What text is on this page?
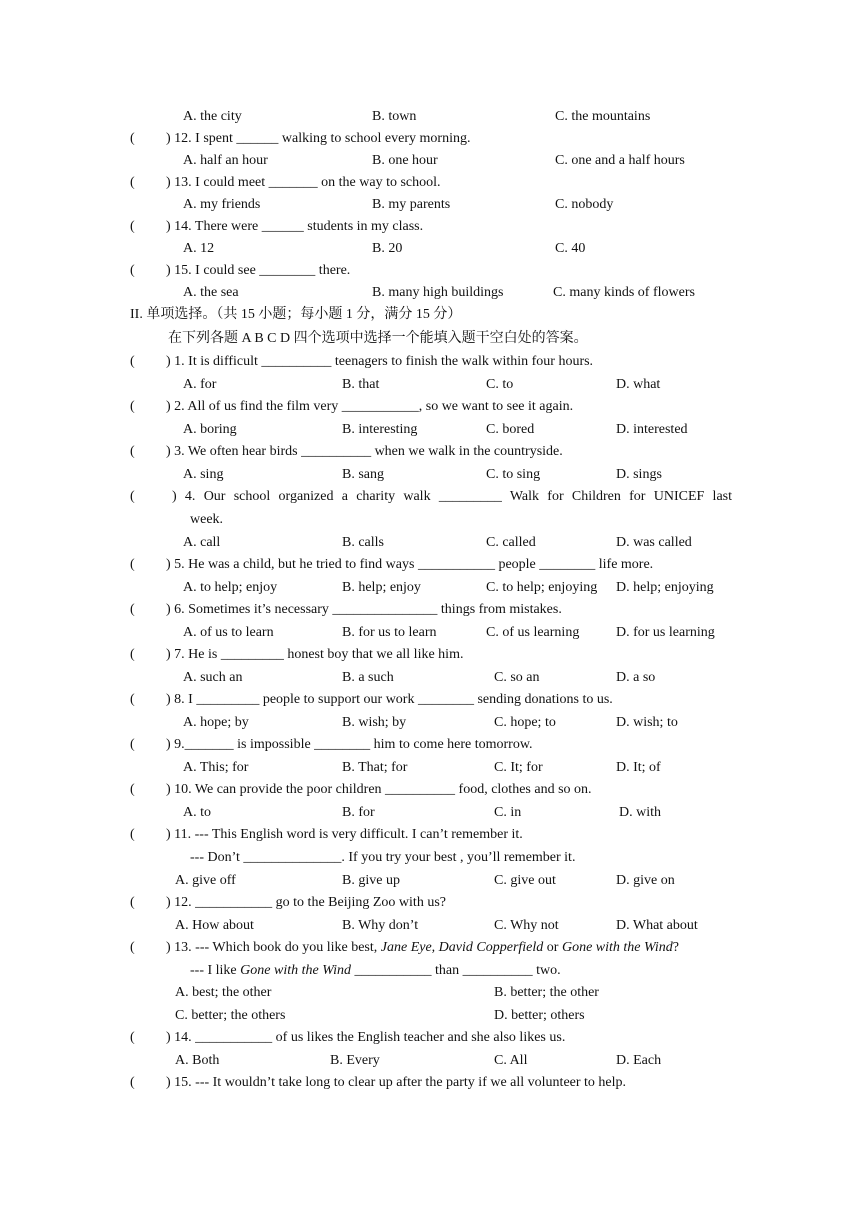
A. the city	B. town	C. the mountains
( ) 12. I spent ______ walking to school every morning.
A. half an hour	B. one hour	C. one and a half hours
( ) 13. I could meet _______ on the way to school.
A. my friends	B. my parents	C. nobody
( ) 14. There were ______ students in my class.
A. 12	B. 20	C. 40
( ) 15. I could see ________ there.
A. the sea	B. many high buildings	C. many kinds of flowers
II. 单项选择。（共 15 小题；每小题 1 分，满分 15 分）
在下列各题 A B C D 四个选项中选择一个能填入题干空白处的答案。
( ) 1. It is difficult __________ teenagers to finish the walk within four hours.
A. for	B. that	C. to	D. what
( ) 2. All of us find the film very ___________, so we want to see it again.
A. boring	B. interesting	C. bored	D. interested
( ) 3. We often hear birds __________ when we walk in the countryside.
A. sing	B. sang	C. to sing	D. sings
(	) 4. Our school organized a charity walk _________ Walk for Children for UNICEF last
week.
A. call	B. calls	C. called	D. was called
( ) 5. He was a child, but he tried to find ways ___________ people ________ life more.
A. to help; enjoy	B. help; enjoy	C. to help; enjoying D. help; enjoying
( ) 6. Sometimes it’s necessary _______________ things from mistakes.
A. of us to learn	B. for us to learn	C. of us learning	D. for us learning
( ) 7. He is _________ honest boy that we all like him.
A. such an	B. a such	C. so an	D. a so
( ) 8. I _________ people to support our work ________ sending donations to us.
A. hope; by	B. wish; by	C. hope; to	D. wish; to
( ) 9._______ is impossible ________ him to come here tomorrow.
A. This; for	B. That; for	C. It; for	D. It; of
( ) 10. We can provide the poor children __________ food, clothes and so on.
A. to	B. for	C. in	D. with
( ) 11. --- This English word is very difficult. I can’t remember it.
--- Don’t ______________. If you try your best , you’ll remember it.
A. give off	B. give up	C. give out	D. give on
( ) 12. ___________ go to the Beijing Zoo with us?
A. How about	B. Why don’t	C. Why not	D. What about
( ) 13. --- Which book do you like best, Jane Eye, David Copperfield or Gone with the Wind?
--- I like Gone with the Wind ___________ than __________ two.
A. best; the other	B. better; the other
C. better; the others	D. better; others
( ) 14. ___________ of us likes the English teacher and she also likes us.
A. Both	B. Every	C. All	D. Each
( ) 15. --- It wouldn’t take long to clear up after the party if we all volunteer to help.
